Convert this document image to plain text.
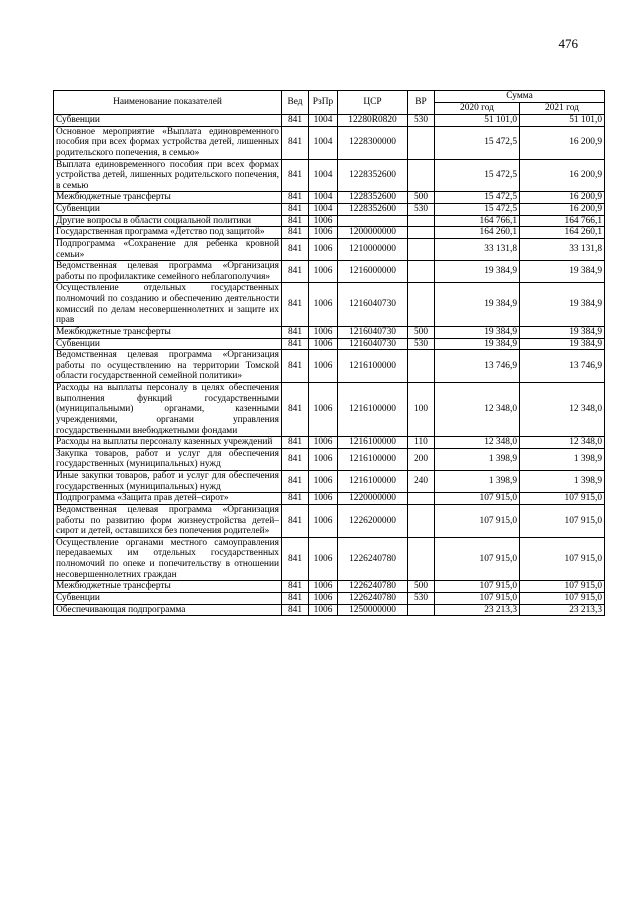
476
Наименование показателей	Вед	РзПр	ЦСР	ВР	Сумма	
					2020 год	2021 год
Субвенции	841	1004	12280R0820	530	51 101,0	51 101,0
Основное мероприятие «Выплата единовременного пособия при всех формах устройства детей, лишенных родительского попечения, в семью»	841	1004	1228300000		15 472,5	16 200,9
Выплата единовременного пособия при всех формах устройства детей, лишенных родительского попечения, в семью	841	1004	1228352600		15 472,5	16 200,9
Межбюджетные трансферты	841	1004	1228352600	500	15 472,5	16 200,9
Субвенции	841	1004	1228352600	530	15 472,5	16 200,9
Другие вопросы в области социальной политики	841	1006			164 766,1	164 766,1
Государственная программа «Детство под защитой»	841	1006	1200000000		164 260,1	164 260,1
Подпрограмма «Сохранение для ребенка кровной семьи»	841	1006	1210000000		33 131,8	33 131,8
Ведомственная целевая программа «Организация работы по профилактике семейного неблагополучия»	841	1006	1216000000		19 384,9	19 384,9
Осуществление отдельных государственных полномочий по созданию и обеспечению деятельности комиссий по делам несовершеннолетних и защите их прав	841	1006	1216040730		19 384,9	19 384,9
Межбюджетные трансферты	841	1006	1216040730	500	19 384,9	19 384,9
Субвенции	841	1006	1216040730	530	19 384,9	19 384,9
Ведомственная целевая программа «Организация работы по осуществлению на территории Томской области государственной семейной политики»	841	1006	1216100000		13 746,9	13 746,9
Расходы на выплаты персоналу в целях обеспечения выполнения функций государственными (муниципальными) органами, казенными учреждениями, органами управления государственными внебюджетными фондами	841	1006	1216100000	100	12 348,0	12 348,0
Расходы на выплаты персоналу казенных учреждений	841	1006	1216100000	110	12 348,0	12 348,0
Закупка товаров, работ и услуг для обеспечения государственных (муниципальных) нужд	841	1006	1216100000	200	1 398,9	1 398,9
Иные закупки товаров, работ и услуг для обеспечения государственных (муниципальных) нужд	841	1006	1216100000	240	1 398,9	1 398,9
Подпрограмма «Защита прав детей–сирот»	841	1006	1220000000		107 915,0	107 915,0
Ведомственная целевая программа «Организация работы по развитию форм жизнеустройства детей–сирот и детей, оставшихся без попечения родителей»	841	1006	1226200000		107 915,0	107 915,0
Осуществление органами местного самоуправления передаваемых им отдельных государственных полномочий по опеке и попечительству в отношении несовершеннолетних граждан	841	1006	1226240780		107 915,0	107 915,0
Межбюджетные трансферты	841	1006	1226240780	500	107 915,0	107 915,0
Субвенции	841	1006	1226240780	530	107 915,0	107 915,0
Обеспечивающая подпрограмма	841	1006	1250000000		23 213,3	23 213,3
